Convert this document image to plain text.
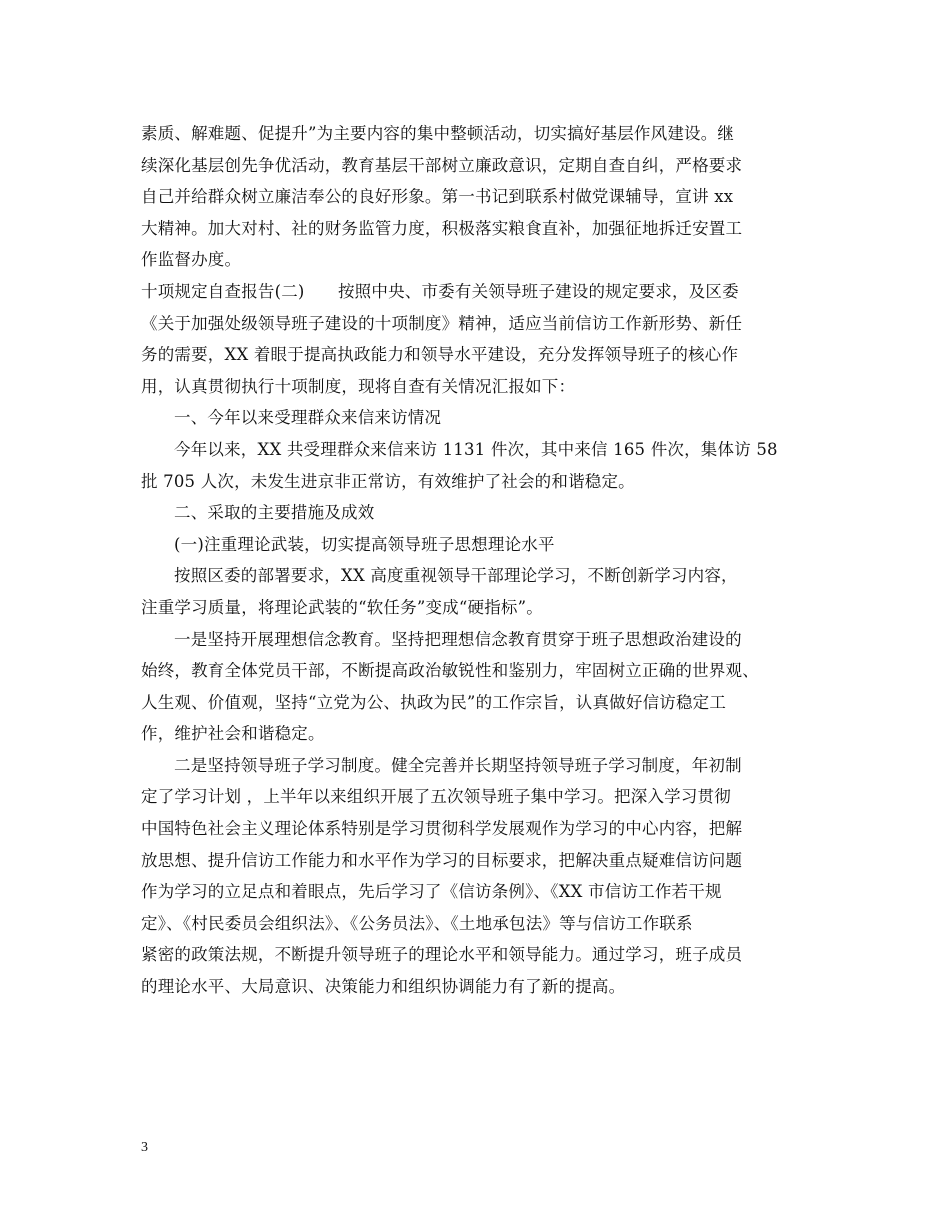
素质、解难题、促提升”为主要内容的集中整顿活动，切实搞好基层作风建设。继
续深化基层创先争优活动，教育基层干部树立廉政意识，定期自查自纠，严格要求
自己并给群众树立廉洁奉公的良好形象。第一书记到联系村做党课辅导，宣讲 xx
大精神。加大对村、社的财务监管力度，积极落实粮食直补，加强征地拆迁安置工
作监督办度。
十项规定自查报告(二)　　按照中央、市委有关领导班子建设的规定要求，及区委
《关于加强处级领导班子建设的十项制度》精神，适应当前信访工作新形势、新任
务的需要，XX 着眼于提高执政能力和领导水平建设，充分发挥领导班子的核心作
用，认真贯彻执行十项制度，现将自查有关情况汇报如下：
一、今年以来受理群众来信来访情况
今年以来，XX 共受理群众来信来访 1131 件次，其中来信 165 件次，集体访 58
批 705 人次，未发生进京非正常访，有效维护了社会的和谐稳定。
二、采取的主要措施及成效
(一)注重理论武装，切实提高领导班子思想理论水平
按照区委的部署要求，XX 高度重视领导干部理论学习，不断创新学习内容，
注重学习质量，将理论武装的“软任务”变成“硬指标”。
一是坚持开展理想信念教育。坚持把理想信念教育贯穿于班子思想政治建设的
始终，教育全体党员干部，不断提高政治敏锐性和鉴别力，牢固树立正确的世界观、
人生观、价值观，坚持“立党为公、执政为民”的工作宗旨，认真做好信访稳定工
作，维护社会和谐稳定。
二是坚持领导班子学习制度。健全完善并长期坚持领导班子学习制度，年初制
定了学习计划 ，上半年以来组织开展了五次领导班子集中学习。把深入学习贯彻
中国特色社会主义理论体系特别是学习贯彻科学发展观作为学习的中心内容，把解
放思想、提升信访工作能力和水平作为学习的目标要求，把解决重点疑难信访问题
作为学习的立足点和着眼点，先后学习了《信访条例》、《XX 市信访工作若干规
定》、《村民委员会组织法》、《公务员法》、《土地承包法》等与信访工作联系
紧密的政策法规，不断提升领导班子的理论水平和领导能力。通过学习，班子成员
的理论水平、大局意识、决策能力和组织协调能力有了新的提高。
3
